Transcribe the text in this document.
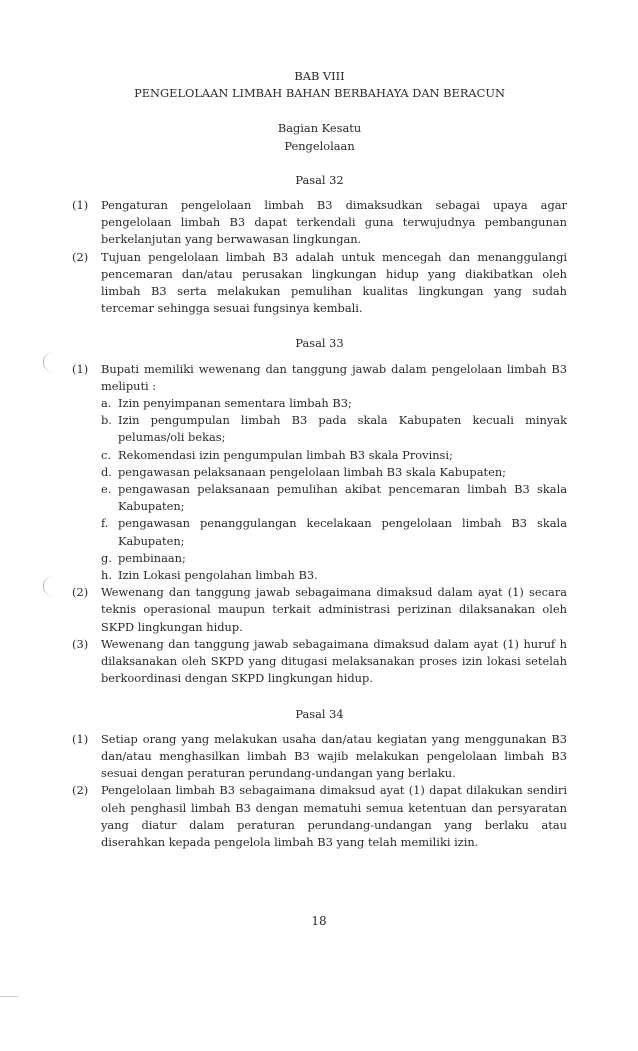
BAB VIII
PENGELOLAAN LIMBAH BAHAN BERBAHAYA DAN BERACUN
Bagian Kesatu
Pengelolaan
Pasal 32
(1) Pengaturan pengelolaan limbah B3 dimaksudkan sebagai upaya agar pengelolaan limbah B3 dapat terkendali guna terwujudnya pembangunan berkelanjutan yang berwawasan lingkungan.
(2) Tujuan pengelolaan limbah B3 adalah untuk mencegah dan menanggulangi pencemaran dan/atau perusakan lingkungan hidup yang diakibatkan oleh limbah B3 serta melakukan pemulihan kualitas lingkungan yang sudah tercemar sehingga sesuai fungsinya kembali.
Pasal 33
(1) Bupati memiliki wewenang dan tanggung jawab dalam pengelolaan limbah B3 meliputi :
a. Izin penyimpanan sementara limbah B3;
b. Izin pengumpulan limbah B3 pada skala Kabupaten kecuali minyak pelumas/oli bekas;
c. Rekomendasi izin pengumpulan limbah B3 skala Provinsi;
d. pengawasan pelaksanaan pengelolaan limbah B3 skala Kabupaten;
e. pengawasan pelaksanaan pemulihan akibat pencemaran limbah B3 skala Kabupaten;
f. pengawasan penanggulangan kecelakaan pengelolaan limbah B3 skala Kabupaten;
g. pembinaan;
h. Izin Lokasi pengolahan limbah B3.
(2) Wewenang dan tanggung jawab sebagaimana dimaksud dalam ayat (1) secara teknis operasional maupun terkait administrasi perizinan dilaksanakan oleh SKPD lingkungan hidup.
(3) Wewenang dan tanggung jawab sebagaimana dimaksud dalam ayat (1) huruf h dilaksanakan oleh SKPD yang ditugasi melaksanakan proses izin lokasi setelah berkoordinasi dengan SKPD lingkungan hidup.
Pasal 34
(1) Setiap orang yang melakukan usaha dan/atau kegiatan yang menggunakan B3 dan/atau menghasilkan limbah B3 wajib melakukan pengelolaan limbah B3 sesuai dengan peraturan perundang-undangan yang berlaku.
(2) Pengelolaan limbah B3 sebagaimana dimaksud ayat (1) dapat dilakukan sendiri oleh penghasil limbah B3 dengan mematuhi semua ketentuan dan persyaratan yang diatur dalam peraturan perundang-undangan yang berlaku atau diserahkan kepada pengelola limbah B3 yang telah memiliki izin.
18
